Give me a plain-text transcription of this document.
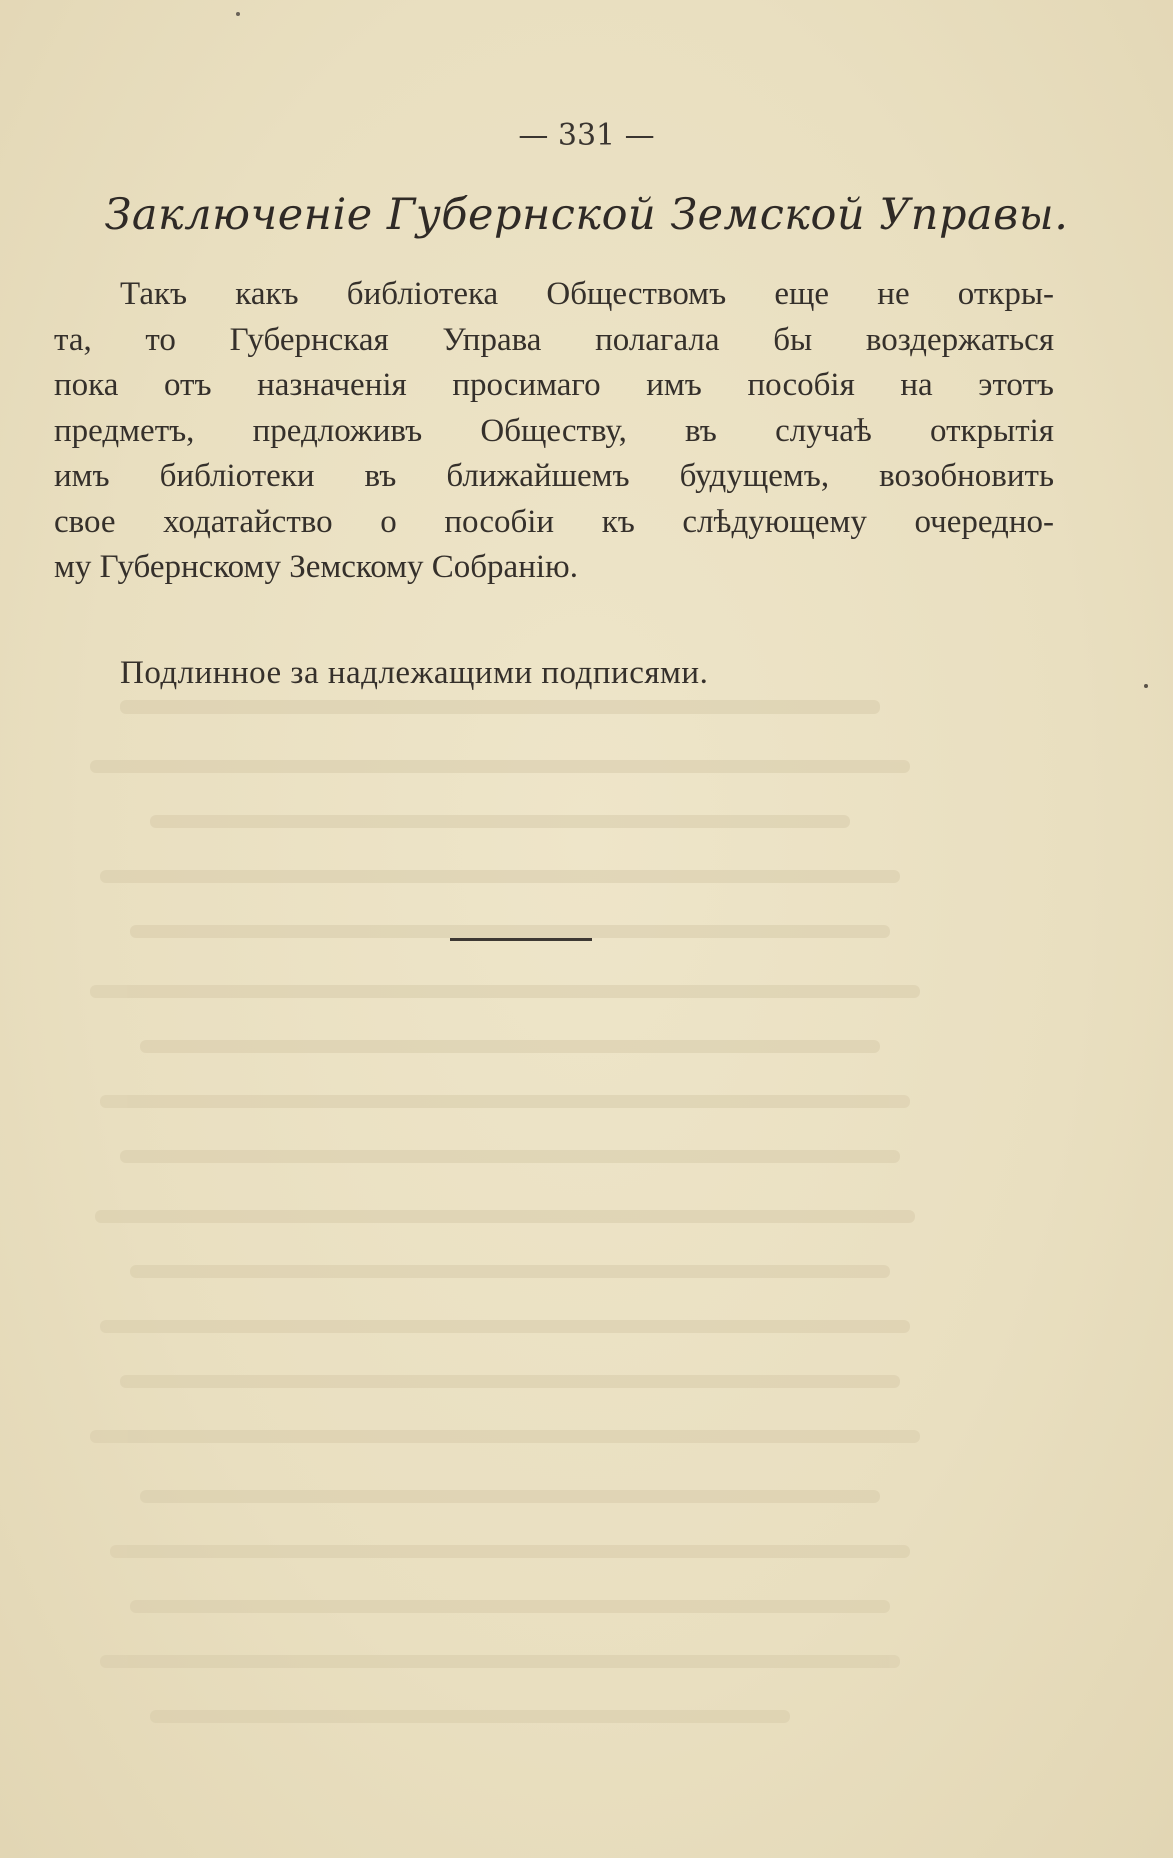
— 331 —
Заключеніе Губернской Земской Управы.
Такъ какъ библіотека Обществомъ еще не откры-
та, то Губернская Управа полагала бы воздержаться
пока отъ назначенія просимаго имъ пособія на этотъ
предметъ, предложивъ Обществу, въ случаѣ открытія
имъ библіотеки въ ближайшемъ будущемъ, возобновить
свое ходатайство о пособіи къ слѣдующему очередно-
му Губернскому Земскому Собранію.
Подлинное за надлежащими подписями.
